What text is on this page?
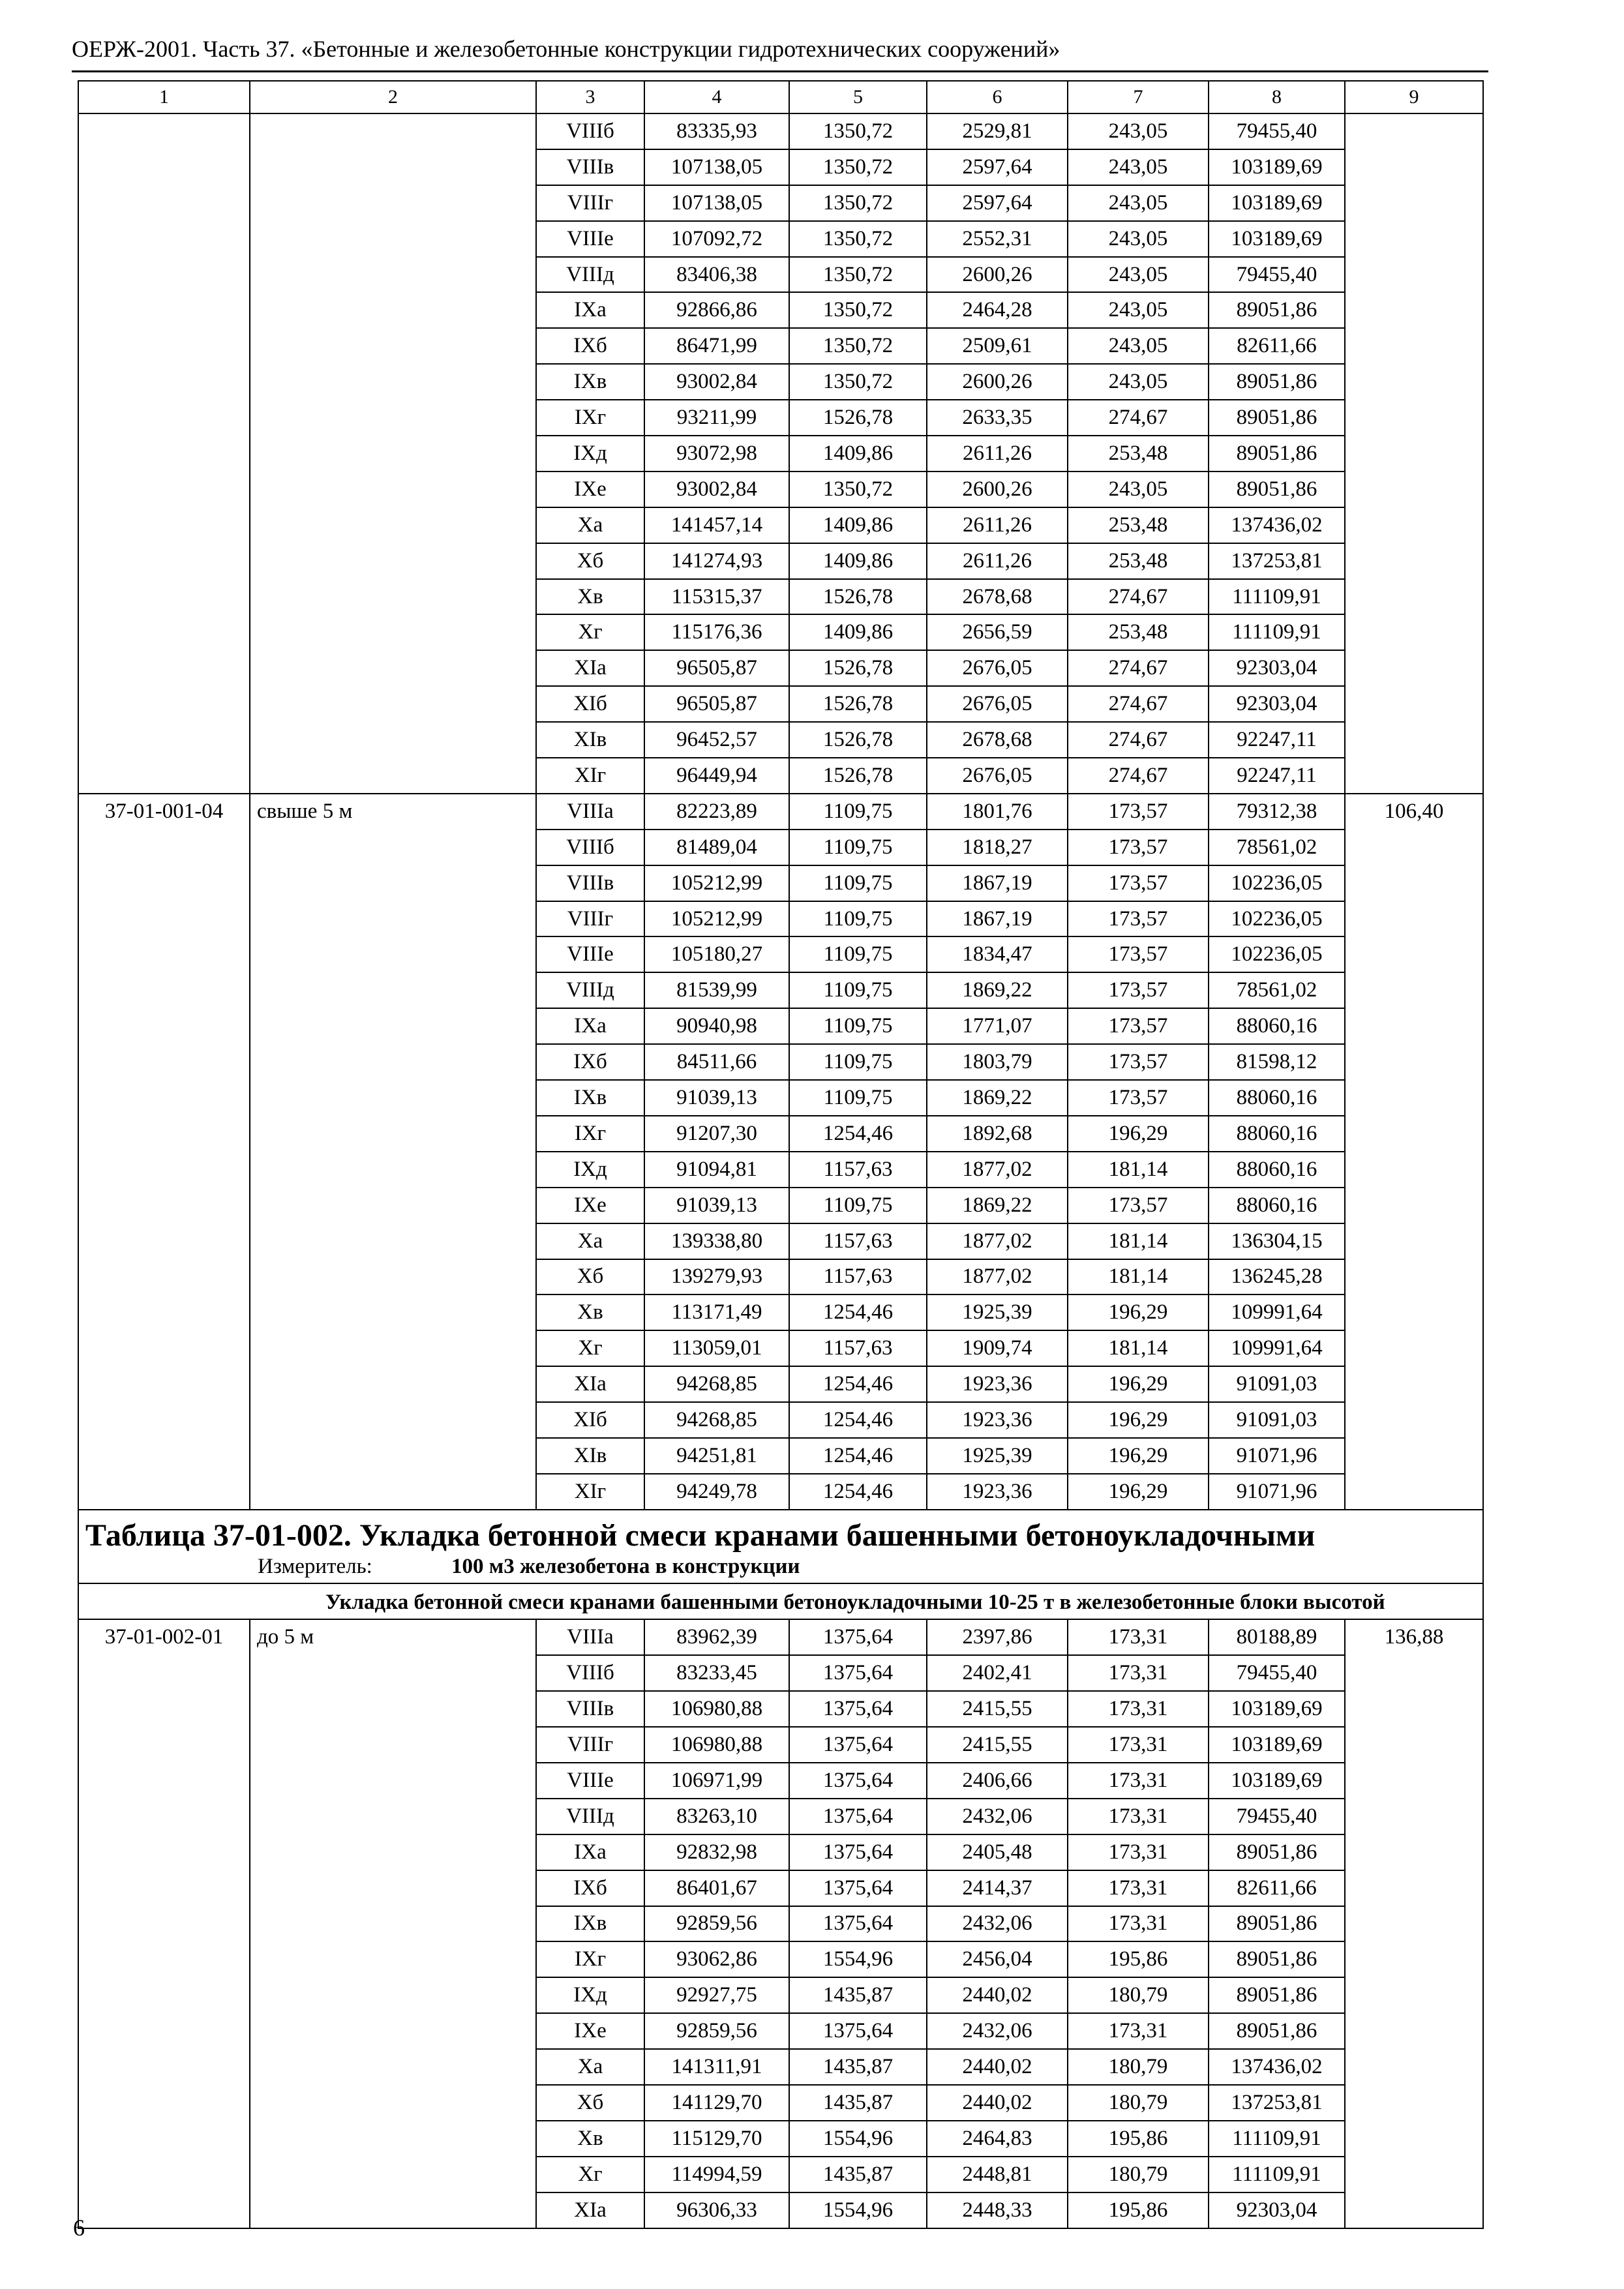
ОЕРЖ-2001. Часть 37. «Бетонные и железобетонные конструкции гидротехнических сооружений»
1	2	3	4	5	6	7	8	9
		VIIIб	83335,93	1350,72	2529,81	243,05	79455,40	
		VIIIв	107138,05	1350,72	2597,64	243,05	103189,69	
		VIIIг	107138,05	1350,72	2597,64	243,05	103189,69	
		VIIIе	107092,72	1350,72	2552,31	243,05	103189,69	
		VIIIд	83406,38	1350,72	2600,26	243,05	79455,40	
		IXа	92866,86	1350,72	2464,28	243,05	89051,86	
		IXб	86471,99	1350,72	2509,61	243,05	82611,66	
		IXв	93002,84	1350,72	2600,26	243,05	89051,86	
		IXг	93211,99	1526,78	2633,35	274,67	89051,86	
		IXд	93072,98	1409,86	2611,26	253,48	89051,86	
		IXе	93002,84	1350,72	2600,26	243,05	89051,86	
		Xа	141457,14	1409,86	2611,26	253,48	137436,02	
		Xб	141274,93	1409,86	2611,26	253,48	137253,81	
		Xв	115315,37	1526,78	2678,68	274,67	111109,91	
		Xг	115176,36	1409,86	2656,59	253,48	111109,91	
		XIа	96505,87	1526,78	2676,05	274,67	92303,04	
		XIб	96505,87	1526,78	2676,05	274,67	92303,04	
		XIв	96452,57	1526,78	2678,68	274,67	92247,11	
		XIг	96449,94	1526,78	2676,05	274,67	92247,11	
37-01-001-04	свыше 5 м	VIIIа	82223,89	1109,75	1801,76	173,57	79312,38	106,40
		VIIIб	81489,04	1109,75	1818,27	173,57	78561,02	
		VIIIв	105212,99	1109,75	1867,19	173,57	102236,05	
		VIIIг	105212,99	1109,75	1867,19	173,57	102236,05	
		VIIIе	105180,27	1109,75	1834,47	173,57	102236,05	
		VIIIд	81539,99	1109,75	1869,22	173,57	78561,02	
		IXа	90940,98	1109,75	1771,07	173,57	88060,16	
		IXб	84511,66	1109,75	1803,79	173,57	81598,12	
		IXв	91039,13	1109,75	1869,22	173,57	88060,16	
		IXг	91207,30	1254,46	1892,68	196,29	88060,16	
		IXд	91094,81	1157,63	1877,02	181,14	88060,16	
		IXе	91039,13	1109,75	1869,22	173,57	88060,16	
		Xа	139338,80	1157,63	1877,02	181,14	136304,15	
		Xб	139279,93	1157,63	1877,02	181,14	136245,28	
		Xв	113171,49	1254,46	1925,39	196,29	109991,64	
		Xг	113059,01	1157,63	1909,74	181,14	109991,64	
		XIа	94268,85	1254,46	1923,36	196,29	91091,03	
		XIб	94268,85	1254,46	1923,36	196,29	91091,03	
		XIв	94251,81	1254,46	1925,39	196,29	91071,96	
		XIг	94249,78	1254,46	1923,36	196,29	91071,96	

Таблица 37-01-002. Укладка бетонной смеси кранами башенными бетоноукладочными
Измеритель: 100 м3 железобетона в конструкции								

Укладка бетонной смеси кранами башенными бетоноукладочными 10-25 т в железобетонные блоки высотой								
37-01-002-01	до 5 м	VIIIа	83962,39	1375,64	2397,86	173,31	80188,89	136,88
		VIIIб	83233,45	1375,64	2402,41	173,31	79455,40	
		VIIIв	106980,88	1375,64	2415,55	173,31	103189,69	
		VIIIг	106980,88	1375,64	2415,55	173,31	103189,69	
		VIIIе	106971,99	1375,64	2406,66	173,31	103189,69	
		VIIIд	83263,10	1375,64	2432,06	173,31	79455,40	
		IXа	92832,98	1375,64	2405,48	173,31	89051,86	
		IXб	86401,67	1375,64	2414,37	173,31	82611,66	
		IXв	92859,56	1375,64	2432,06	173,31	89051,86	
		IXг	93062,86	1554,96	2456,04	195,86	89051,86	
		IXд	92927,75	1435,87	2440,02	180,79	89051,86	
		IXе	92859,56	1375,64	2432,06	173,31	89051,86	
		Xа	141311,91	1435,87	2440,02	180,79	137436,02	
		Xб	141129,70	1435,87	2440,02	180,79	137253,81	
		Xв	115129,70	1554,96	2464,83	195,86	111109,91	
		Xг	114994,59	1435,87	2448,81	180,79	111109,91	
		XIа	96306,33	1554,96	2448,33	195,86	92303,04	
6
